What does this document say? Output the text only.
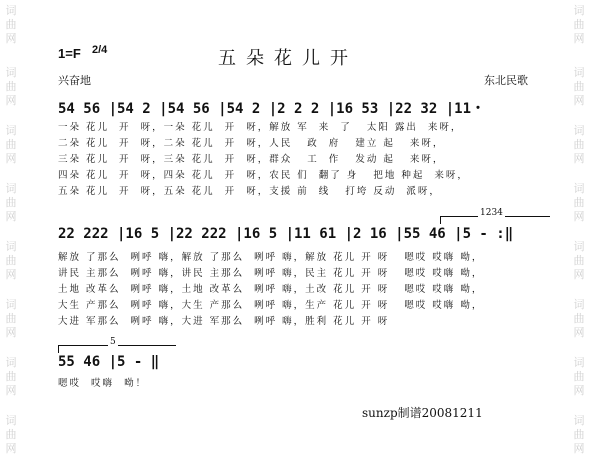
词
曲
网
词
曲
网
词
曲
网
词
曲
网
词
曲
网
词
曲
网
词
曲
网
词
曲
网
词
曲
网
词
曲
网
词
曲
网
词
曲
网
词
曲
网
词
曲
网
词
曲
网
词
曲
网
1=F 2/4	五朵花儿开
兴奋地	东北民歌
54 56 |54 2 |54 56 |54 2 |2 2 2 |16 53 |22 32 |11・
一朵 花儿  开  呀，一朵 花儿  开  呀，解放 军  来  了   太阳 露出  来呀，
二朵 花儿  开  呀，二朵 花儿  开  呀，人民   政  府   建立 起   来呀，
三朵 花儿  开  呀，三朵 花儿  开  呀，群众   工  作   发动 起   来呀，
四朵 花儿  开  呀，四朵 花儿  开  呀，农民 们  翻了 身   把地 种起  来呀，
五朵 花儿  开  呀，五朵 花儿  开  呀，支援 前  线   打垮 反动  派呀，
1234
22 222 |16 5 |22 222 |16 5 |11 61 |2 16 |55 46 |5 - :‖
解放 了那么  咧呼 嗨，解放 了那么  咧呼 嗨，解放 花儿 开 呀   嗯哎 哎嗨 呦，
讲民 主那么  咧呼 嗨，讲民 主那么  咧呼 嗨，民主 花儿 开 呀   嗯哎 哎嗨 呦，
土地 改革么  咧呼 嗨，土地 改革么  咧呼 嗨，土改 花儿 开 呀   嗯哎 哎嗨 呦，
大生 产那么  咧呼 嗨，大生 产那么  咧呼 嗨，生产 花儿 开 呀   嗯哎 哎嗨 呦，
大进 军那么  咧呼 嗨，大进 军那么  咧呼 嗨，胜利 花儿 开 呀
5
55 46 |5 - ‖
嗯哎  哎嗨  呦！
sunzp制谱20081211
